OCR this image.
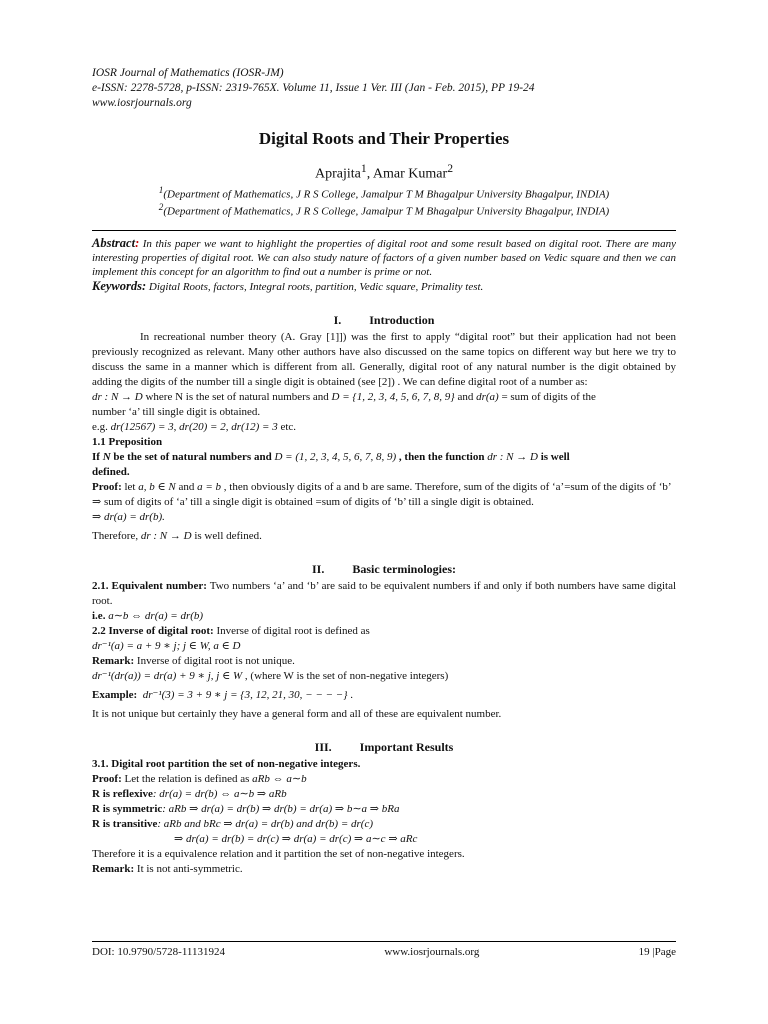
IOSR Journal of Mathematics (IOSR-JM)
e-ISSN: 2278-5728, p-ISSN: 2319-765X. Volume 11, Issue 1 Ver. III (Jan - Feb. 2015), PP 19-24
www.iosrjournals.org
Digital Roots and Their Properties
Aprajita$^1$, Amar Kumar$^2$
$^1$(Department of Mathematics, J R S College, Jamalpur T M Bhagalpur University Bhagalpur, INDIA)
$^2$(Department of Mathematics, J R S College, Jamalpur T M Bhagalpur University Bhagalpur, INDIA)
Abstract: In this paper we want to highlight the properties of digital root and some result based on digital root. There are many interesting properties of digital root. We can also study nature of factors of a given number based on Vedic square and then we can implement this concept for an algorithm to find out a number is prime or not.
Keywords: Digital Roots, factors, Integral roots, partition, Vedic square, Primality test.
I. Introduction

In recreational number theory (A. Gray [1]]) was the first to apply “digital root” but their application had not been previously recognized as relevant. Many other authors have also discussed on the same topics on different way but here we try to discuss the same in a manner which is different from all. Generally, digital root of any natural number is the digit obtained by adding the digits of the number till a single digit is obtained (see [2]) . We can define digital root of a number as:

dr : N → D where N is the set of natural numbers and D = {1, 2, 3, 4, 5, 6, 7, 8, 9} and dr(a) = sum of digits of the

number ‘a’ till single digit is obtained.

e.g. dr(12567) = 3, dr(20) = 2, dr(12) = 3 etc.

1.1 Preposition

If N be the set of natural numbers and D = (1, 2, 3, 4, 5, 6, 7, 8, 9) , then the function dr : N → D is well

defined.

Proof: let a, b ∈ N and a = b , then obviously digits of a and b are same. Therefore, sum of the digits of ‘a’=sum of the digits of ‘b’

⇒ sum of digits of ‘a’ till a single digit is obtained =sum of digits of ‘b’ till a single digit is obtained.

⇒ dr(a) = dr(b).

Therefore, dr : N → D is well defined.

II. Basic terminologies:

2.1. Equivalent number: Two numbers ‘a’ and ‘b’ are said to be equivalent numbers if and only if both numbers have same digital root.

i.e. a∼b ⇔ dr(a) = dr(b)

2.2 Inverse of digital root: Inverse of digital root is defined as

dr⁻¹(a) = a + 9 ∗ j; j ∈ W, a ∈ D

Remark: Inverse of digital root is not unique.

dr⁻¹(dr(a)) = dr(a) + 9 ∗ j, j ∈ W , (where W is the set of non-negative integers)

Example: dr⁻¹(3) = 3 + 9 ∗ j = {3, 12, 21, 30, − − − −} .

It is not unique but certainly they have a general form and all of these are equivalent number.

III. Important Results

3.1. Digital root partition the set of non-negative integers.

Proof: Let the relation is defined as aRb ⇔ a∼b

R is reflexive: dr(a) = dr(b) ⇔ a∼b ⇒ aRb

R is symmetric: aRb ⇒ dr(a) = dr(b) ⇒ dr(b) = dr(a) ⇒ b∼a ⇒ bRa

R is transitive: aRb and bRc ⇒ dr(a) = dr(b) and dr(b) = dr(c)

⇒ dr(a) = dr(b) = dr(c) ⇒ dr(a) = dr(c) ⇒ a∼c ⇒ aRc

Therefore it is a equivalence relation and it partition the set of non-negative integers.

Remark: It is not anti-symmetric.

DOI: 10.9790/5728-11131924	www.iosrjournals.org	19 |Page
